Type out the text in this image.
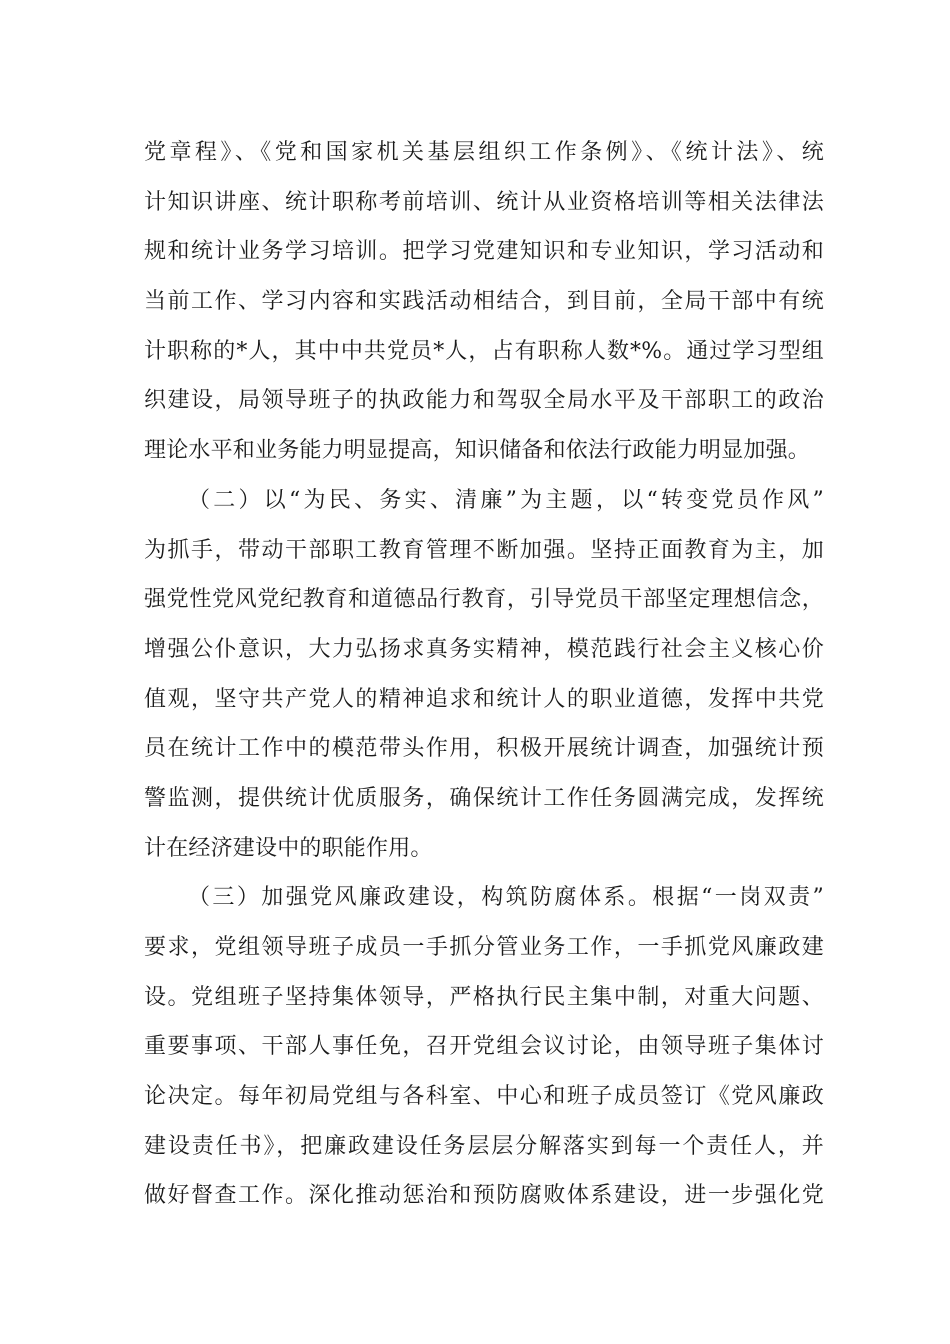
党章程》、《党和国家机关基层组织工作条例》、《统计法》、统
计知识讲座、统计职称考前培训、统计从业资格培训等相关法律法
规和统计业务学习培训。把学习党建知识和专业知识，学习活动和
当前工作、学习内容和实践活动相结合，到目前，全局干部中有统
计职称的*人，其中中共党员*人，占有职称人数*%。通过学习型组
织建设，局领导班子的执政能力和驾驭全局水平及干部职工的政治
理论水平和业务能力明显提高，知识储备和依法行政能力明显加强。
（二）以“为民、务实、清廉”为主题，以“转变党员作风”
为抓手，带动干部职工教育管理不断加强。坚持正面教育为主，加
强党性党风党纪教育和道德品行教育，引导党员干部坚定理想信念，
增强公仆意识，大力弘扬求真务实精神，模范践行社会主义核心价
值观，坚守共产党人的精神追求和统计人的职业道德，发挥中共党
员在统计工作中的模范带头作用，积极开展统计调查，加强统计预
警监测，提供统计优质服务，确保统计工作任务圆满完成，发挥统
计在经济建设中的职能作用。
（三）加强党风廉政建设，构筑防腐体系。根据“一岗双责”
要求，党组领导班子成员一手抓分管业务工作，一手抓党风廉政建
设。党组班子坚持集体领导，严格执行民主集中制，对重大问题、
重要事项、干部人事任免，召开党组会议讨论，由领导班子集体讨
论决定。每年初局党组与各科室、中心和班子成员签订《党风廉政
建设责任书》，把廉政建设任务层层分解落实到每一个责任人，并
做好督查工作。深化推动惩治和预防腐败体系建设，进一步强化党
